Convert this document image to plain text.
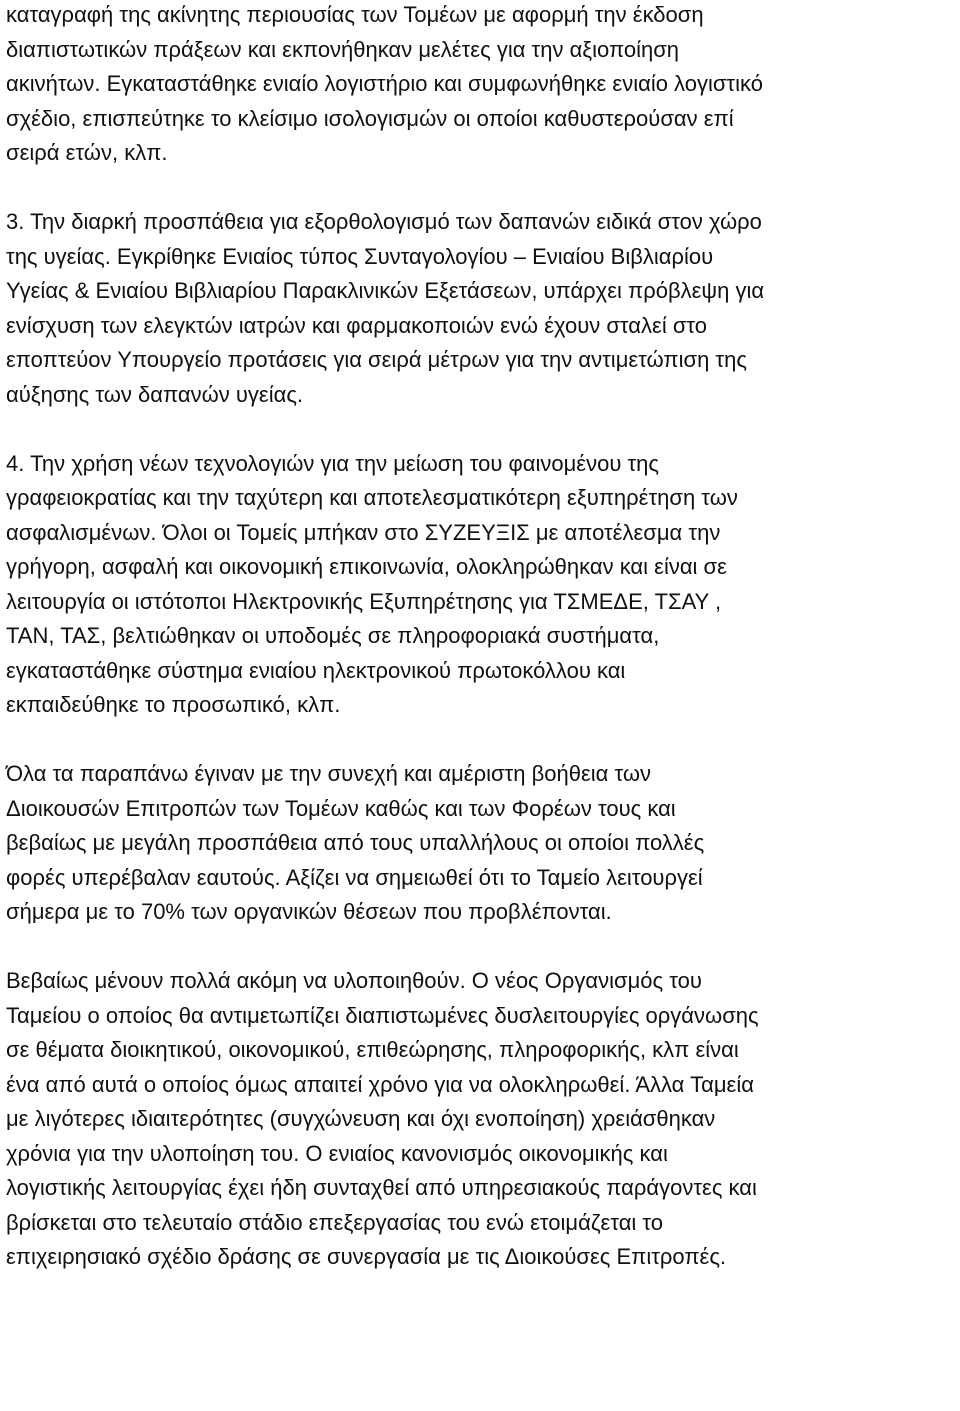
καταγραφή της ακίνητης περιουσίας των Τομέων με αφορμή την έκδοση
διαπιστωτικών πράξεων και εκπονήθηκαν μελέτες για την αξιοποίηση
ακινήτων. Εγκαταστάθηκε ενιαίο λογιστήριο και συμφωνήθηκε ενιαίο λογιστικό
σχέδιο, επισπεύτηκε το κλείσιμο ισολογισμών οι οποίοι καθυστερούσαν επί
σειρά ετών, κλπ.
3. Την διαρκή προσπάθεια για εξορθολογισμό των δαπανών ειδικά στον χώρο
της υγείας. Εγκρίθηκε Ενιαίος τύπος Συνταγολογίου – Ενιαίου Βιβλιαρίου
Υγείας & Ενιαίου Βιβλιαρίου Παρακλινικών Εξετάσεων, υπάρχει πρόβλεψη για
ενίσχυση των ελεγκτών ιατρών και φαρμακοποιών ενώ έχουν σταλεί στο
εποπτεύον Υπουργείο προτάσεις για σειρά μέτρων για την αντιμετώπιση της
αύξησης των δαπανών υγείας.
4. Την χρήση νέων τεχνολογιών για την μείωση του φαινομένου της
γραφειοκρατίας και την ταχύτερη και αποτελεσματικότερη εξυπηρέτηση των
ασφαλισμένων. Όλοι οι Τομείς μπήκαν στο ΣΥΖΕΥΞΙΣ με αποτέλεσμα την
γρήγορη, ασφαλή και οικονομική επικοινωνία, ολοκληρώθηκαν και είναι σε
λειτουργία οι ιστότοποι Ηλεκτρονικής Εξυπηρέτησης για ΤΣΜΕΔΕ, ΤΣΑΥ ,
ΤΑΝ, ΤΑΣ, βελτιώθηκαν οι υποδομές σε πληροφοριακά συστήματα,
εγκαταστάθηκε σύστημα ενιαίου ηλεκτρονικού πρωτοκόλλου και
εκπαιδεύθηκε το προσωπικό, κλπ.
Όλα τα παραπάνω έγιναν με την συνεχή και αμέριστη βοήθεια των
Διοικουσών Επιτροπών των Τομέων καθώς και των Φορέων τους και
βεβαίως με μεγάλη προσπάθεια από τους υπαλλήλους οι οποίοι πολλές
φορές υπερέβαλαν εαυτούς. Αξίζει να σημειωθεί ότι το Ταμείο λειτουργεί
σήμερα με το 70% των οργανικών θέσεων που προβλέπονται.
Βεβαίως μένουν πολλά ακόμη να υλοποιηθούν. Ο νέος Οργανισμός του
Ταμείου ο οποίος θα αντιμετωπίζει διαπιστωμένες δυσλειτουργίες οργάνωσης
σε θέματα διοικητικού, οικονομικού, επιθεώρησης, πληροφορικής, κλπ είναι
ένα από αυτά ο οποίος όμως απαιτεί χρόνο για να ολοκληρωθεί. Άλλα Ταμεία
με λιγότερες ιδιαιτερότητες (συγχώνευση και όχι ενοποίηση) χρειάσθηκαν
χρόνια για την υλοποίηση του. Ο ενιαίος κανονισμός οικονομικής και
λογιστικής λειτουργίας έχει ήδη συνταχθεί από υπηρεσιακούς παράγοντες και
βρίσκεται στο τελευταίο στάδιο επεξεργασίας του ενώ ετοιμάζεται το
επιχειρησιακό σχέδιο δράσης σε συνεργασία με τις Διοικούσες Επιτροπές.
